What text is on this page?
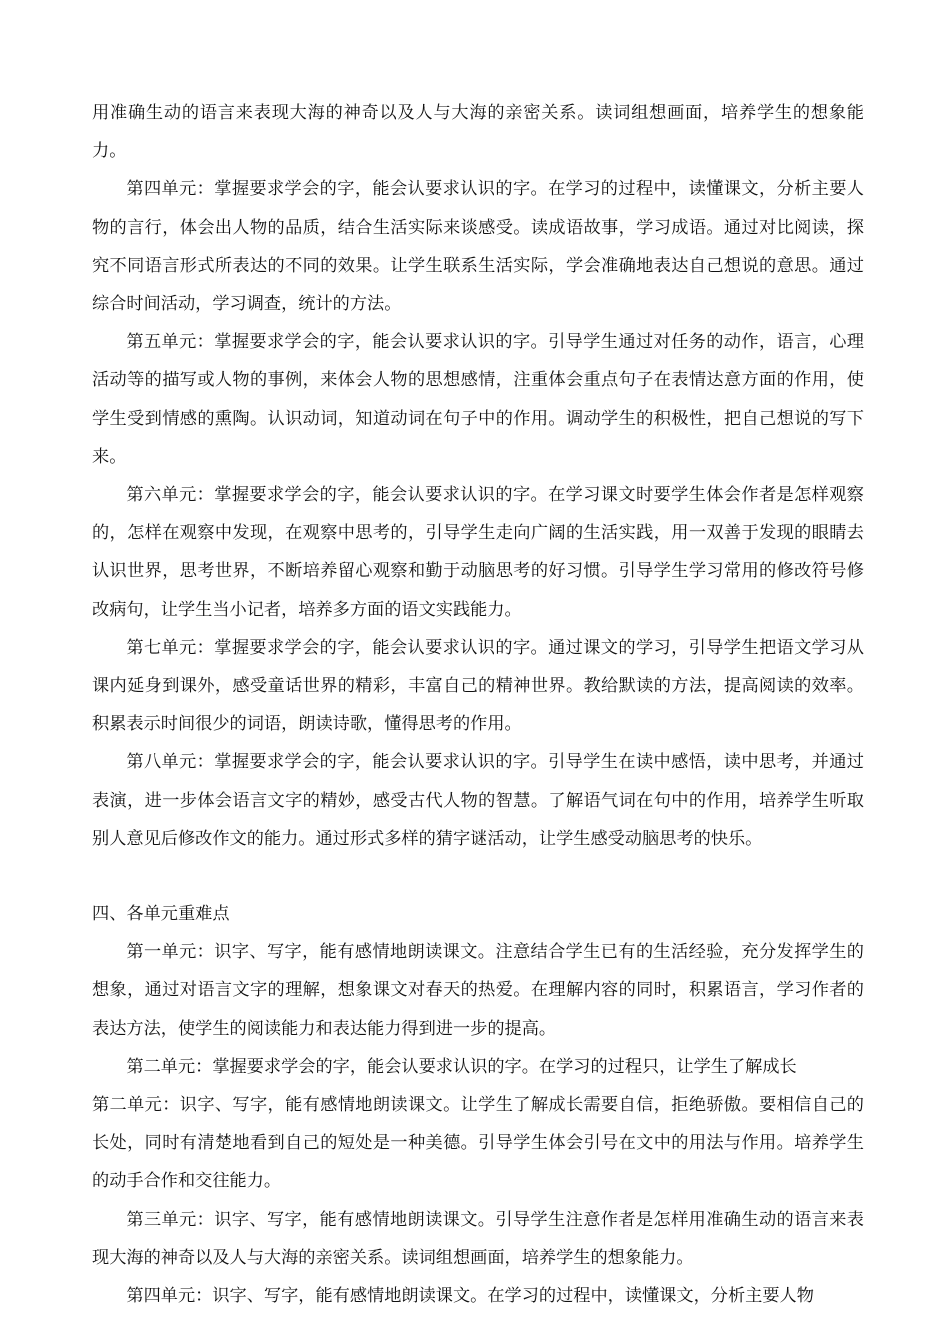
用准确生动的语言来表现大海的神奇以及人与大海的亲密关系。读词组想画面，培养学生的想象能力。

第四单元：掌握要求学会的字，能会认要求认识的字。在学习的过程中，读懂课文，分析主要人物的言行，体会出人物的品质，结合生活实际来谈感受。读成语故事，学习成语。通过对比阅读，探究不同语言形式所表达的不同的效果。让学生联系生活实际，学会准确地表达自己想说的意思。通过综合时间活动，学习调查，统计的方法。

第五单元：掌握要求学会的字，能会认要求认识的字。引导学生通过对任务的动作，语言，心理活动等的描写或人物的事例，来体会人物的思想感情，注重体会重点句子在表情达意方面的作用，使学生受到情感的熏陶。认识动词，知道动词在句子中的作用。调动学生的积极性，把自己想说的写下来。

第六单元：掌握要求学会的字，能会认要求认识的字。在学习课文时要学生体会作者是怎样观察的，怎样在观察中发现，在观察中思考的，引导学生走向广阔的生活实践，用一双善于发现的眼睛去认识世界，思考世界，不断培养留心观察和勤于动脑思考的好习惯。引导学生学习常用的修改符号修改病句，让学生当小记者，培养多方面的语文实践能力。

第七单元：掌握要求学会的字，能会认要求认识的字。通过课文的学习，引导学生把语文学习从课内延身到课外，感受童话世界的精彩，丰富自己的精神世界。教给默读的方法，提高阅读的效率。积累表示时间很少的词语，朗读诗歌，懂得思考的作用。

第八单元：掌握要求学会的字，能会认要求认识的字。引导学生在读中感悟，读中思考，并通过表演，进一步体会语言文字的精妙，感受古代人物的智慧。了解语气词在句中的作用，培养学生听取别人意见后修改作文的能力。通过形式多样的猜字谜活动，让学生感受动脑思考的快乐。

四、各单元重难点

第一单元：识字、写字，能有感情地朗读课文。注意结合学生已有的生活经验，充分发挥学生的想象，通过对语言文字的理解，想象课文对春天的热爱。在理解内容的同时，积累语言，学习作者的表达方法，使学生的阅读能力和表达能力得到进一步的提高。

第二单元：掌握要求学会的字，能会认要求认识的字。在学习的过程只，让学生了解成长

第二单元：识字、写字，能有感情地朗读课文。让学生了解成长需要自信，拒绝骄傲。要相信自己的长处，同时有清楚地看到自己的短处是一种美德。引导学生体会引号在文中的用法与作用。培养学生的动手合作和交往能力。

第三单元：识字、写字，能有感情地朗读课文。引导学生注意作者是怎样用准确生动的语言来表现大海的神奇以及人与大海的亲密关系。读词组想画面，培养学生的想象能力。

第四单元：识字、写字，能有感情地朗读课文。在学习的过程中，读懂课文，分析主要人物
